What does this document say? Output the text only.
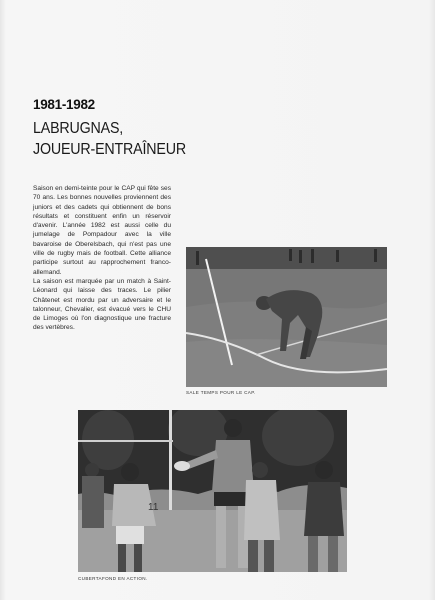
1981-1982
LABRUGNAS,
JOUEUR-ENTRAÎNEUR
Saison en demi-teinte pour le CAP qui fête ses 70 ans. Les bonnes nouvelles proviennent des juniors et des cadets qui obtiennent de bons résultats et constituent enfin un réservoir d'avenir. L'année 1982 est aussi celle du jumelage de Pompadour avec la ville bavaroise de Oberelsbach, qui n'est pas une ville de rugby mais de football. Cette alliance participe surtout au rapprochement franco-allemand.
La saison est marquée par un match à Saint-Léonard qui laisse des traces. Le pilier Châtenet est mordu par un adversaire et le talonneur, Chevalier, est évacué vers le CHU de Limoges où l'on diagnostique une fracture des vertèbres.
SALE TEMPS POUR LE CAP.
11
CUBERTAFOND EN ACTION.
